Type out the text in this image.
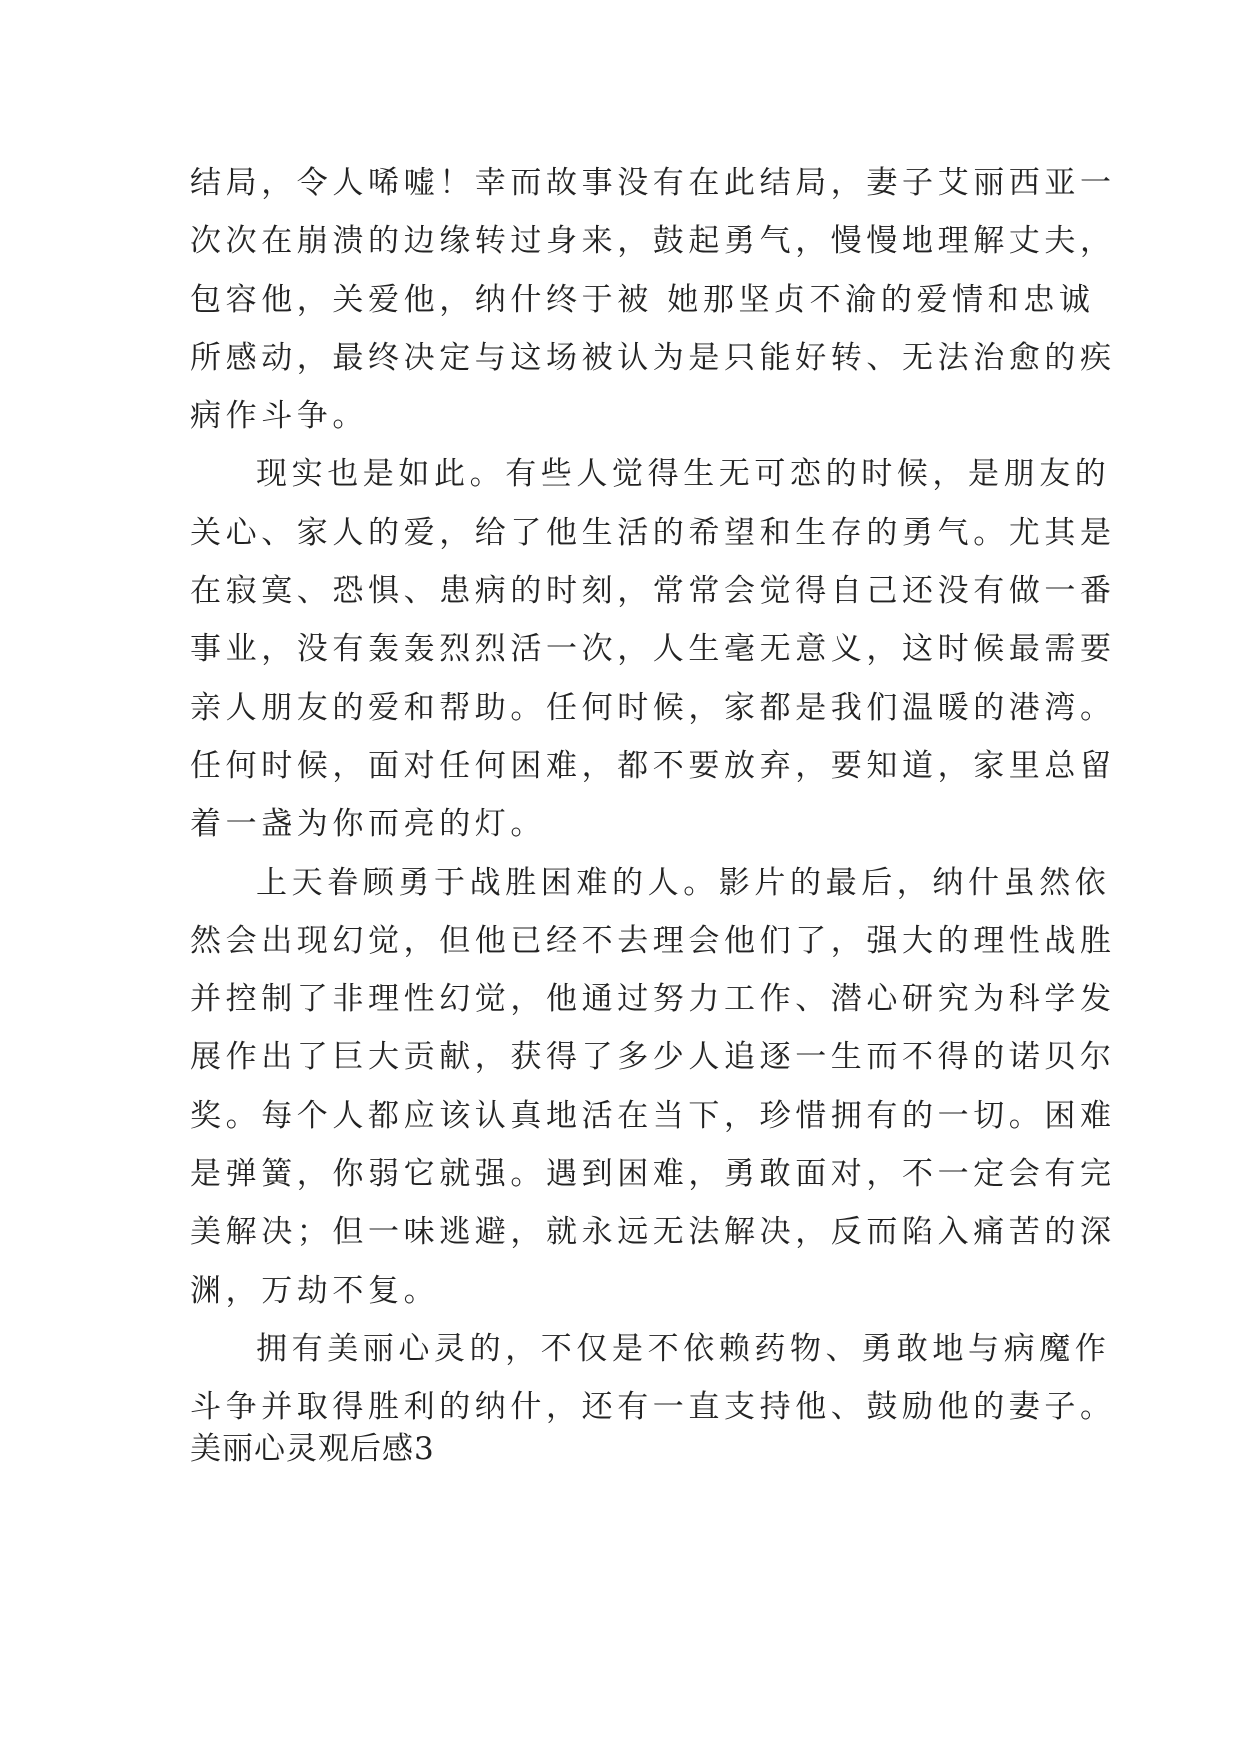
结局，令人唏嘘！幸而故事没有在此结局，妻子艾丽西亚一
次次在崩溃的边缘转过身来，鼓起勇气，慢慢地理解丈夫，
包容他，关爱他，纳什终于被 她那坚贞不渝的爱情和忠诚
所感动，最终决定与这场被认为是只能好转、无法治愈的疾
病作斗争。
现实也是如此。有些人觉得生无可恋的时候，是朋友的
关心、家人的爱，给了他生活的希望和生存的勇气。尤其是
在寂寞、恐惧、患病的时刻，常常会觉得自己还没有做一番
事业，没有轰轰烈烈活一次，人生毫无意义，这时候最需要
亲人朋友的爱和帮助。任何时候，家都是我们温暖的港湾。
任何时候，面对任何困难，都不要放弃，要知道，家里总留
着一盏为你而亮的灯。
上天眷顾勇于战胜困难的人。影片的最后，纳什虽然依
然会出现幻觉，但他已经不去理会他们了，强大的理性战胜
并控制了非理性幻觉，他通过努力工作、潜心研究为科学发
展作出了巨大贡献，获得了多少人追逐一生而不得的诺贝尔
奖。每个人都应该认真地活在当下，珍惜拥有的一切。困难
是弹簧，你弱它就强。遇到困难，勇敢面对，不一定会有完
美解决；但一味逃避，就永远无法解决，反而陷入痛苦的深
渊，万劫不复。
拥有美丽心灵的，不仅是不依赖药物、勇敢地与病魔作
斗争并取得胜利的纳什，还有一直支持他、鼓励他的妻子。
美丽心灵观后感3
